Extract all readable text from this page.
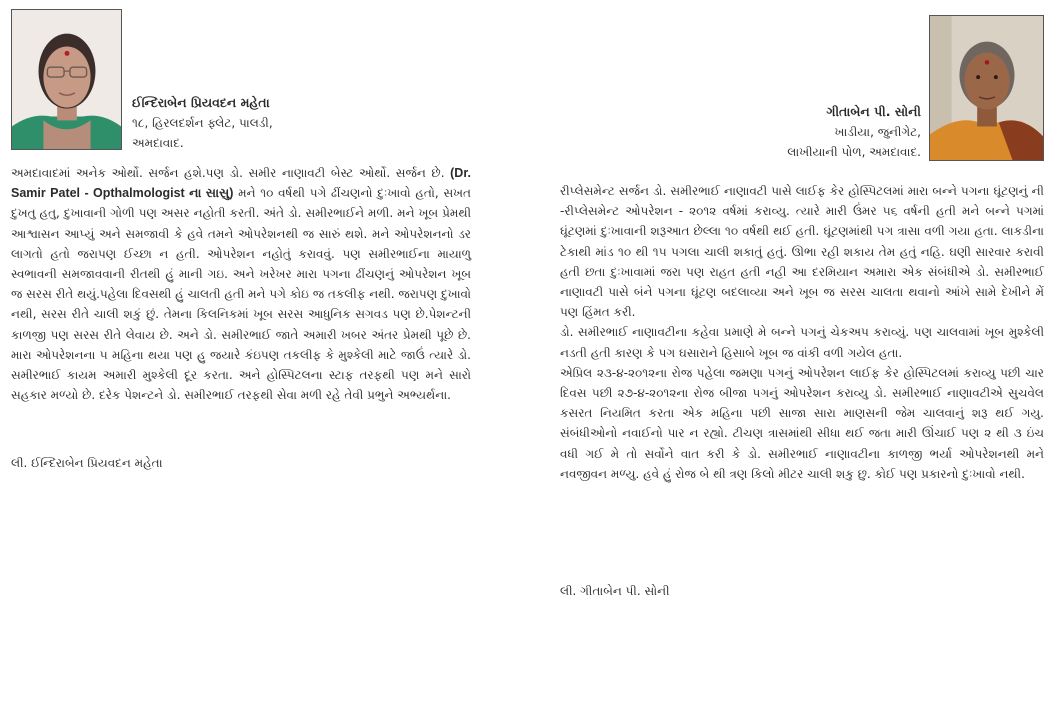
ઈન્દિરાબેન પ્રિયવદન મહેતા
૧૮, હિરલદર્શન ફ્લેટ, પાલડી,
અમદાવાદ.

અમદાવાદમાં અનેક ઓર્થો. સર્જન હશે.પણ ડો. સમીર નાણાવટી બેસ્ટ ઓર્થો. સર્જન છે. (Dr. Samir Patel - Opthalmologist ના સાસુ) મને ૧૦ વર્ષથી પગે ઢીંચણનો દુઃખાવો હતો, સખત દુખતુ હતુ, દુખાવાની ગોળી પણ અસર નહોતી કરતી. અંતે ડો. સમીરભાઈને મળી. મને ખૂબ પ્રેમથી આશ્વાસન આપ્યું અને સમજાવી કે હવે તમને ઓપરેશનથી જ સારું થશે. મને ઓપરેશનનો ડર લાગતો હતો જરાપણ ઈચ્છા ન હતી. ઓપરેશન નહોતું કરાવવું. પણ સમીરભાઈના માયાળુ સ્વભાવની સમજાવવાની રીતથી હું માની ગઇ. અને ખરેખર મારા પગના ઢીંચણનું ઓપરેશન ખૂબ જ સરસ રીતે થયું.પહેલા દિવસથી હું ચાલતી હતી મને પગે કોઇ જ તકલીફ નથી. જરાપણ દુખાવો નથી, સરસ રીતે ચાલી શકું છું. તેમના કિલનિકમાં ખૂબ સરસ આધુનિક સગવડ પણ છે.પેશન્ટની કાળજી પણ સરસ રીતે લેવાય છે. અને ડો. સમીરભાઈ જાતે અમારી ખબર અંતર પ્રેમથી પૂછે છે. મારા ઓપરેશનના ૫ મહિના થયા પણ હુ જયારે કંઇપણ તકલીફ કે મુશ્કેલી માટે જાઉં ત્યારે ડો. સમીરભાઈ કાયમ અમારી મુશ્કેલી દૂર કરતા. અને હોસ્પિટલના સ્ટાફ તરફથી પણ મને સારો સહકાર મળ્યો છે. દરેક પેશન્ટને ડો. સમીરભાઈ તરફથી સેવા મળી રહે તેવી પ્રભુને અભ્યર્થના.

લી. ઈન્દિરાબેન પ્રિયવદન મહેતા
ગીતાબેન પી. સોની
ખાડીયા, જુનીગેટ,
લાખીયાની પોળ, અમદાવાદ.

રીપ્લેસમેન્ટ સર્જન ડો. સમીરભાઈ નાણાવટી પાસે લાઈફ કેર હોસ્પિટલમાં મારા બન્ને પગના ઘૂંટણનું ની -રીપ્લેસમેન્ટ ઓપરેશન - ૨૦૧૨ વર્ષમાં કરાવ્યુ. ત્યારે મારી ઉંમર ૫૬ વર્ષની હતી મને બન્ને પગમાં ઘૂંટણમાં દુઃખાવાની શરૂઆત છેલ્લા ૧૦ વર્ષથી થઈ હતી. ઘૂંટણમાંથી પગ ત્રાસા વળી ગયા હતા. લાકડીના ટેકાથી માંડ ૧૦ થી ૧૫ પગલા ચાલી શકાતું હતું. ઊભા રહી શકાય તેમ હતું નહિ. ઘણી સારવાર કરાવી હતી છતા દુઃખાવામાં જરા પણ રાહત હતી નહી આ દરમિયાન અમારા એક સંબંધીએ ડો. સમીરભાઈ નાણાવટી પાસે બંને પગના ઘૂંટણ બદલાવ્યા અને ખૂબ જ સરસ ચાલતા થવાનો આંખે સામે દેખીને મેં પણ હિંમત કરી.

ડો. સમીરભાઈ નાણાવટીના કહેવા પ્રમાણે મે બન્ને પગનું ચેકઅપ કરાવ્યું. પણ ચાલવામાં ખૂબ મુશ્કેલી નડતી હતી કારણ કે પગ ઘસારાને હિસાબે ખૂબ જ વાંકી વળી ગયેલ હતા.

એપ્રિલ ૨૩-૪-૨૦૧૨ના રોજ પહેલા જમણા પગનું ઓપરેશન લાઈફ કેર હોસ્પિટલમાં કરાવ્યુ પછી ચાર દિવસ પછી ૨૭-૪-૨૦૧૨ના રોજ બીજા પગનું ઓપરેશન કરાવ્યુ ડો. સમીરભાઈ નાણાવટીએ સુચવેલ કસરત નિયમિત કરતા એક મહિના પછી સાજા સારા માણસની જેમ ચાલવાનું શરૂ થઈ ગયુ. સંબંધીઓનો નવાઈનો પાર ન રહ્યો. ટીચણ ત્રાસમાંથી સીધા થઈ જતા મારી ઊંચાઈ પણ ૨ થી ૩ ઇંચ વધી ગઈ મે તો સર્વોને વાત કરી કે ડો. સમીરભાઈ નાણાવટીના કાળજી ભર્યા ઓપરેશનથી મને નવજીવન મળ્યુ. હવે હું રોજ બે થી ત્રણ કિલો મીટર ચાલી શકુ છુ. કોઈ પણ પ્રકારનો દુઃખાવો નથી.

લી. ગીતાબેન પી. સોની
